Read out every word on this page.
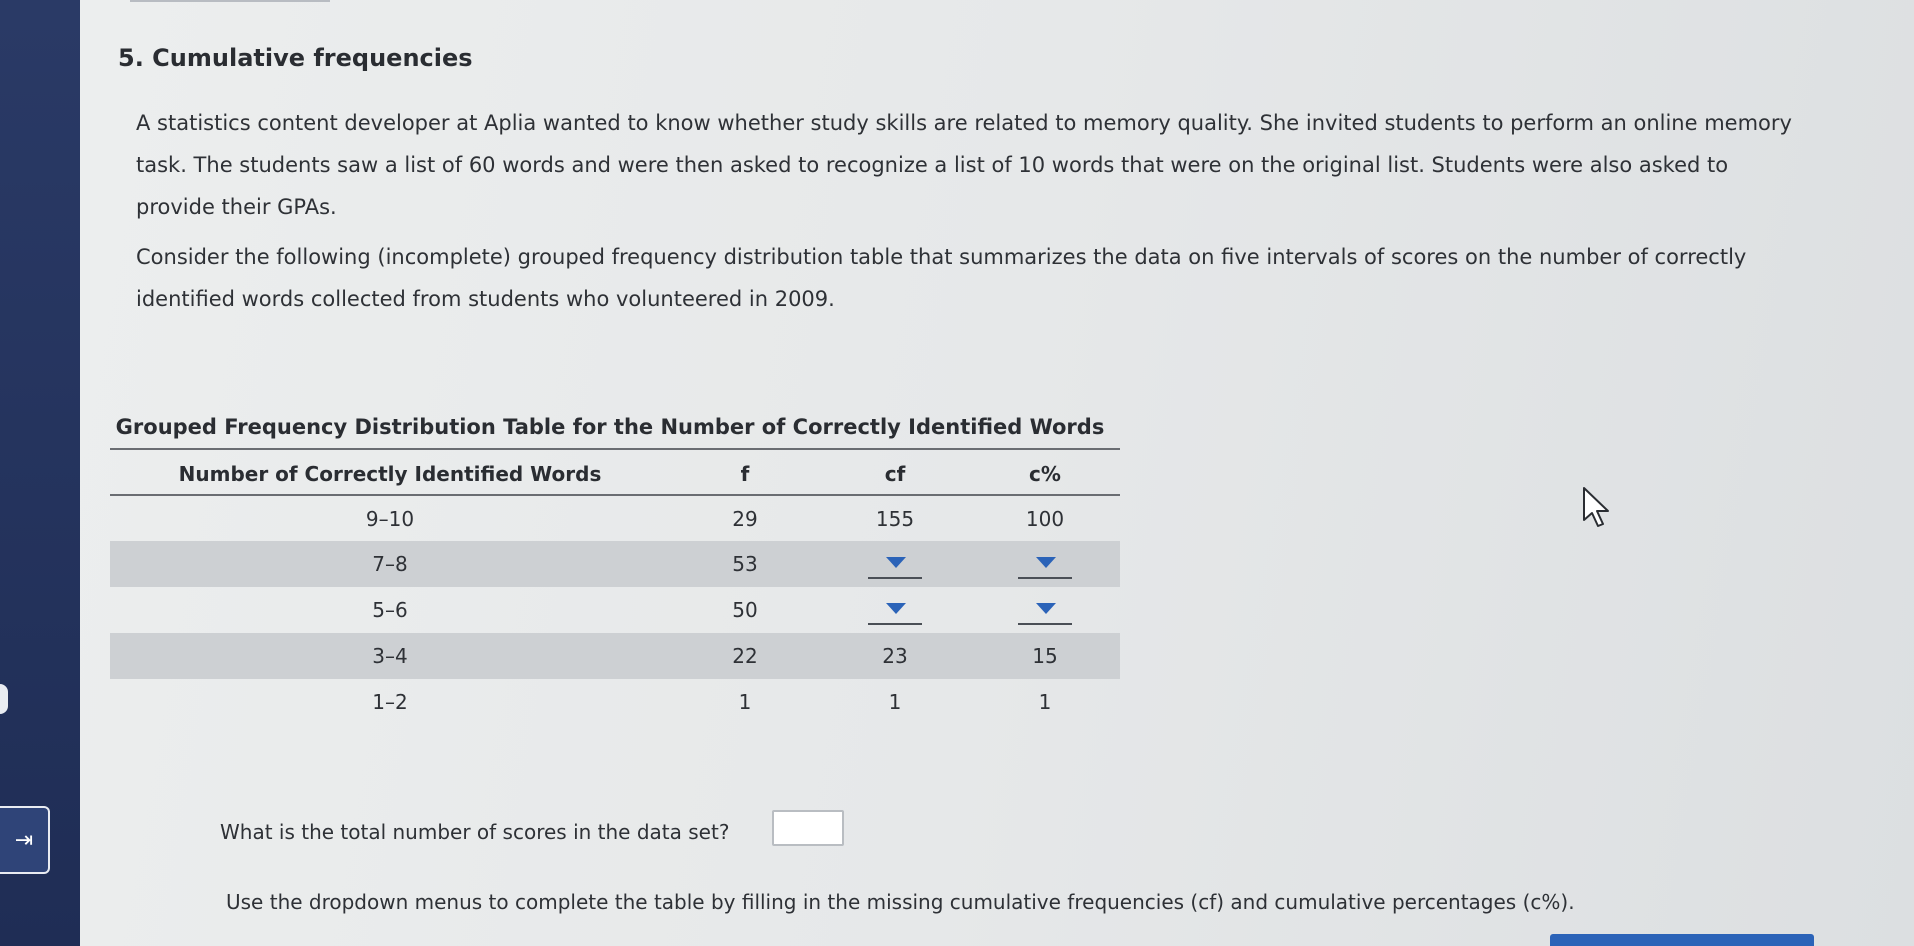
⇥
5. Cumulative frequencies
A statistics content developer at Aplia wanted to know whether study skills are related to memory quality. She invited students to perform an online memory task. The students saw a list of 60 words and were then asked to recognize a list of 10 words that were on the original list. Students were also asked to provide their GPAs.
Consider the following (incomplete) grouped frequency distribution table that summarizes the data on five intervals of scores on the number of correctly identified words collected from students who volunteered in 2009.
Grouped Frequency Distribution Table for the Number of Correctly Identified Words
Number of Correctly Identified Words	f	cf	c%
9–10	29	155	100
7–8	53	

5–6	50	

3–4	22	23	15
1–2	1	1	1
What is the total number of scores in the data set?
Use the dropdown menus to complete the table by filling in the missing cumulative frequencies (cf) and cumulative percentages (c%).
